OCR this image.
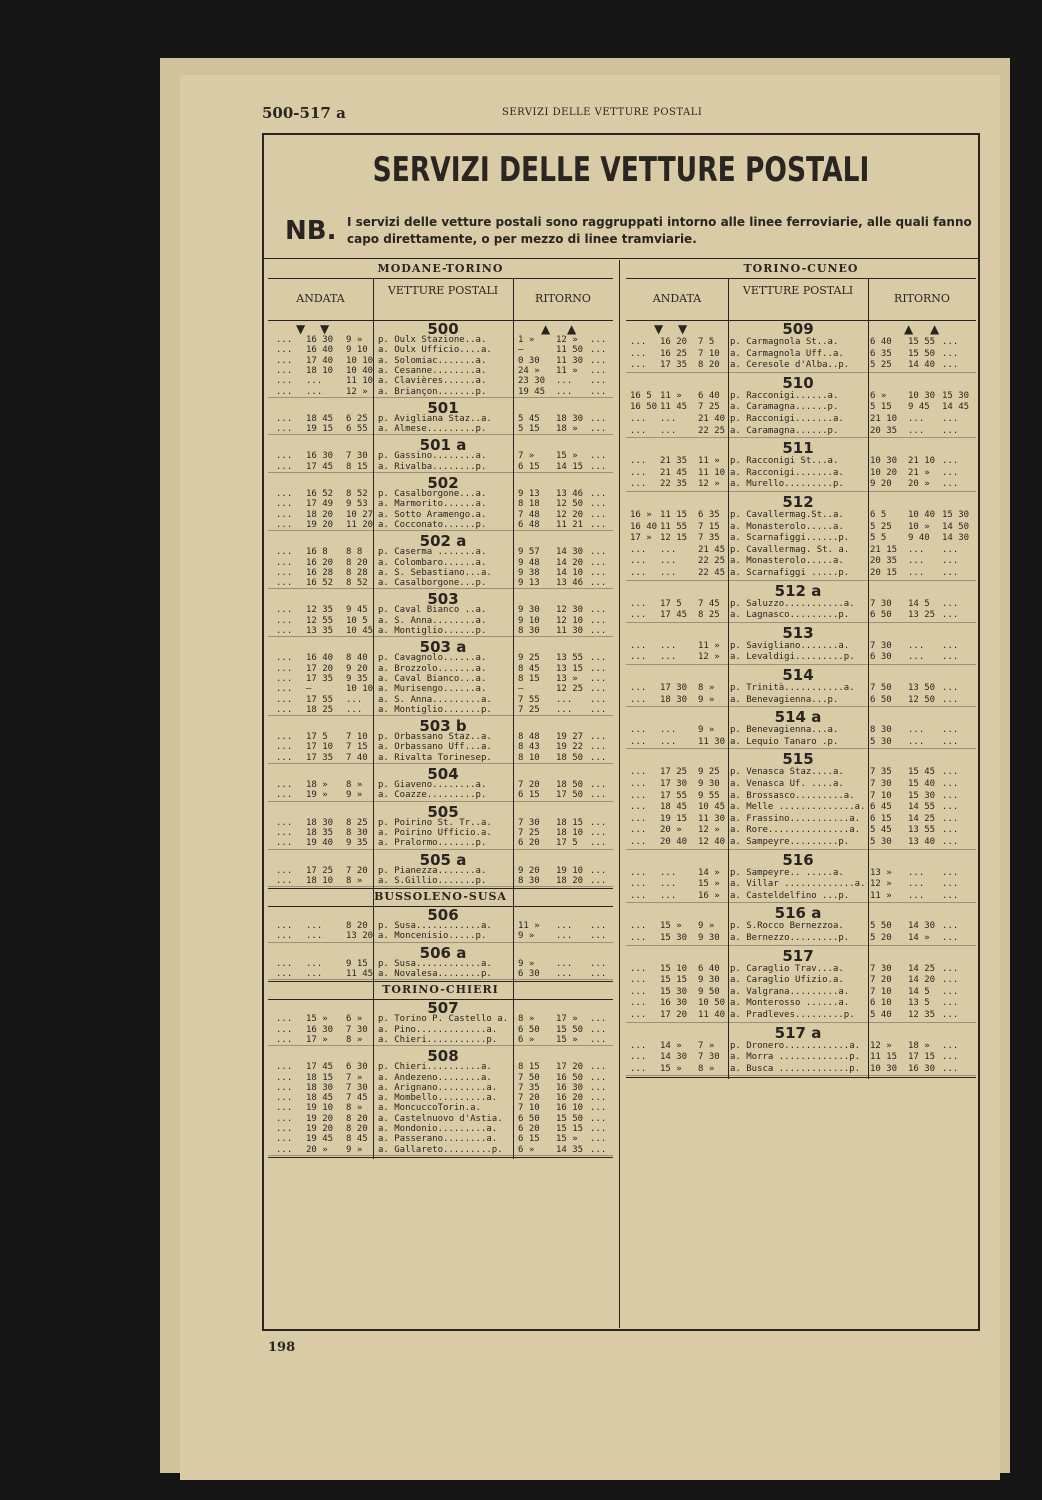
500-517 a	SERVIZI DELLE VETTURE POSTALI
SERVIZI DELLE VETTURE POSTALI
NB. I servizi delle vetture postali sono raggruppati intorno alle linee ferroviarie, alle quali fanno capo direttamente, o per mezzo di linee tramviarie.
MODANE-TORINO
ANDATA
VETTURE POSTALI
RITORNO
▼ ▼	▲ ▲
500
... 16 30 9 » p. Oulx Stazione..a.	1 » 12 » ...
... 16 40 9 10 a. Oulx Ufficio....a.	—	11 50 ...
... 17 40 10 10 a. Solomiac.......a.	0 30 11 30 ...
... 18 10 10 40 a. Cesanne........a.	24 » 11 » ...
... ...	11 10 a. Clavières......a.	23 30 ... ...
... ...	12 » a. Briançon.......p.	19 45 ... ...
501
... 18 45 6 25 p. Avigliana Staz..a.	5 45 18 30 ...
... 19 15 6 55 a. Almese.........p.	5 15 18 » ...
501 a
... 16 30 7 30 p. Gassino........a.	7 » 15 » ...
... 17 45 8 15 a. Rivalba........p.	6 15 14 15 ...
502
... 16 52 8 52 p. Casalborgone...a.	9 13 13 46 ...
... 17 49 9 53 a. Marmorito......a.	8 18 12 50 ...
... 18 20 10 27 a. Sotto Aramengo.a.	7 48 12 20 ...
... 19 20 11 20 a. Cocconato......p.	6 48 11 21 ...
502 a
... 16 8 8 8 p. Caserma .......a.	9 57 14 30 ...
... 16 20 8 20 a. Colombaro......a.	9 48 14 20 ...
... 16 28 8 28 a. S. Sebastiano...a.	9 38 14 10 ...
... 16 52 8 52 a. Casalborgone...p.	9 13 13 46 ...
503
... 12 35 9 45 p. Caval Bianco ..a.	9 30 12 30 ...
... 12 55 10 5 a. S. Anna........a.	9 10 12 10 ...
... 13 35 10 45 a. Montiglio......p.	8 30 11 30 ...
503 a
... 16 40 8 40 p. Cavagnolo......a.	9 25 13 55 ...
... 17 20 9 20 a. Brozzolo.......a.	8 45 13 15 ...
... 17 35 9 35 a. Caval Bianco...a.	8 15 13 » ...
... —	10 10 a. Murisengo......a.	—	12 25 ...
... 17 55 ... a. S. Anna.........a.	7 55 ... ...
... 18 25 ... a. Montiglio.......p.	7 25 ... ...
503 b
... 17 5 7 10 p. Orbassano Staz..a.	8 48 19 27 ...
... 17 10 7 15 a. Orbassano Uff...a.	8 43 19 22 ...
... 17 35 7 40 a. Rivalta Torinesep.	8 10 18 50 ...
504
... 18 » 8 » p. Giaveno........a.	7 20 18 50 ...
... 19 » 9 » a. Coazze.........p.	6 15 17 50 ...
505
... 18 30 8 25 p. Poirino St. Tr..a.	7 30 18 15 ...
... 18 35 8 30 a. Poirino Ufficio.a.	7 25 18 10 ...
... 19 40 9 35 a. Pralormo.......p.	6 20 17 5 ...
505 a
... 17 25 7 20 p. Pianezza.......a.	9 20 19 10 ...
... 18 10 8 » a. S.Gillio.......p.	8 30 18 20 ...
BUSSOLENO-SUSA
506
... ...	8 20 p. Susa............a.	11 » ... ...
... ...	13 20 a. Moncenisio.....p.	9 » ... ...
506 a
... ...	9 15 p. Susa............a.	9 » ... ...
... ...	11 45 a. Novalesa........p.	6 30 ... ...
TORINO-CHIERI
507
... 15 » 6 » p. Torino P. Castello a. 8 » 17 » ...
... 16 30 7 30 a. Pino.............a. 6 50 15 50 ...
... 17 » 8 » a. Chieri...........p. 6 » 15 » ...
508
... 17 45 6 30 p. Chieri..........a.	8 15 17 20 ...
... 18 15 7 » a. Andezeno........a.	7 50 16 50 ...
... 18 30 7 30 a. Arignano.........a. 7 35 16 30 ...
... 18 45 7 45 a. Mombello.........a. 7 20 16 20 ...
... 19 10 8 » a. MoncuccoTorin.a.	7 10 16 10 ...
... 19 20 8 20 a. Castelnuovo d'Astia. 6 50 15 50 ...
... 19 20 8 20 a. Mondonio.........a. 6 20 15 15 ...
... 19 45 8 45 a. Passerano........a. 6 15 15 » ...
... 20 » 9 » a. Gallareto.........p. 6 » 14 35 ...
TORINO-CUNEO
ANDATA
VETTURE POSTALI
RITORNO
▼ ▼	▲ ▲
509
... 16 20 7 5 p. Carmagnola St..a.	6 40 15 55 ...
... 16 25 7 10 a. Carmagnola Uff..a.	6 35 15 50 ...
... 17 35 8 20 a. Ceresole d'Alba..p. 5 25 14 40 ...
510
16 5 11 » 6 40 p. Racconigi......a.	6 » 10 30 15 30
16 50 11 45 7 25 a. Caramagna......p.	5 15 9 45 14 45
... ... 21 40 p. Racconigi.......a.	21 10 ... ...
... ... 22 25 a. Caramagna......p.	20 35 ... ...
511
... 21 35 11 » p. Racconigi St...a.	10 30 21 10 ...
... 21 45 11 10 a. Racconigi.......a.	10 20 21 » ...
... 22 35 12 » a. Murello.........p.	9 20 20 » ...
512
16 » 11 15 6 35 p. Cavallermag.St..a.	6 5 10 40 15 30
16 40 11 55 7 15 a. Monasterolo.....a.	5 25 10 » 14 50
17 » 12 15 7 35 a. Scarnafiggi......p. 5 5 9 40 14 30
... ... 21 45 p. Cavallermag. St. a. 21 15 ... ...
... ... 22 25 a. Monasterolo.....a.	20 35 ... ...
... ... 22 45 a. Scarnafiggi .....p. 20 15 ... ...
512 a
... 17 5 7 45 p. Saluzzo...........a. 7 30 14 5 ...
... 17 45 8 25 a. Lagnasco.........p. 6 50 13 25 ...
513
... ... 11 » p. Savigliano.......a. 7 30 ... ...
... ... 12 » a. Levaldigi.........p. 6 30 ... ...
514
... 17 30 8 » p. Trinità...........a. 7 50 13 50 ...
... 18 30 9 » a. Benevagienna...p.	6 50 12 50 ...
514 a
... ... 9 » p. Benevagienna...a.	8 30 ... ...
... ... 11 30 a. Lequio Tanaro .p.	5 30 ... ...
515
... 17 25 9 25 p. Venasca Staz....a.	7 35 15 45 ...
... 17 30 9 30 a. Venasca Uf. ....a.	7 30 15 40 ...
... 17 55 9 55 a. Brossasco.........a. 7 10 15 30 ...
... 18 45 10 45 a. Melle ..............a. 6 45 14 55 ...
... 19 15 11 30 a. Frassino...........a. 6 15 14 25 ...
... 20 » 12 » a. Rore...............a. 5 45 13 55 ...
... 20 40 12 40 a. Sampeyre.........p. 5 30 13 40 ...
516
... ... 14 » p. Sampeyre.. .....a.	13 » ... ...
... ... 15 » a. Villar .............a. 12 » ... ...
... ... 16 » a. Casteldelfino ...p. 11 » ... ...
516 a
... 15 » 9 » p. S.Rocco Bernezzoa.	5 50 14 30 ...
... 15 30 9 30 a. Bernezzo.........p. 5 20 14 » ...
517
... 15 10 6 40 p. Caraglio Trav...a.	7 30 14 25 ...
... 15 15 9 30 a. Caraglio Ufizio.a.	7 20 14 20 ...
... 15 30 9 50 a. Valgrana.........a. 7 10 14 5 ...
... 16 30 10 50 a. Monterosso ......a. 6 10 13 5 ...
... 17 20 11 40 a. Pradleves.........p. 5 40 12 35 ...
517 a
... 14 » 7 » p. Dronero............a. 12 » 18 » ...
... 14 30 7 30 a. Morra .............p. 11 15 17 15 ...
... 15 » 8 » a. Busca .............p. 10 30 16 30 ...
198
